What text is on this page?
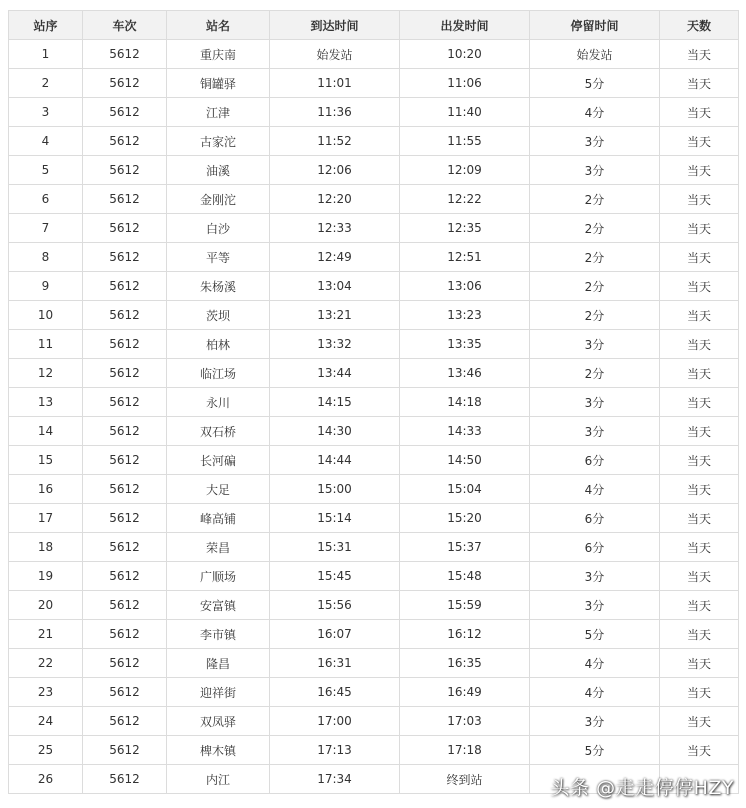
站序	车次	站名	到达时间	出发时间	停留时间	天数
1	5612	重庆南	始发站	10:20	始发站	当天
2	5612	铜罐驿	11:01	11:06	5分	当天
3	5612	江津	11:36	11:40	4分	当天
4	5612	古家沱	11:52	11:55	3分	当天
5	5612	油溪	12:06	12:09	3分	当天
6	5612	金刚沱	12:20	12:22	2分	当天
7	5612	白沙	12:33	12:35	2分	当天
8	5612	平等	12:49	12:51	2分	当天
9	5612	朱杨溪	13:04	13:06	2分	当天
10	5612	茨坝	13:21	13:23	2分	当天
11	5612	柏林	13:32	13:35	3分	当天
12	5612	临江场	13:44	13:46	2分	当天
13	5612	永川	14:15	14:18	3分	当天
14	5612	双石桥	14:30	14:33	3分	当天
15	5612	长河碥	14:44	14:50	6分	当天
16	5612	大足	15:00	15:04	4分	当天
17	5612	峰高铺	15:14	15:20	6分	当天
18	5612	荣昌	15:31	15:37	6分	当天
19	5612	广顺场	15:45	15:48	3分	当天
20	5612	安富镇	15:56	15:59	3分	当天
21	5612	李市镇	16:07	16:12	5分	当天
22	5612	隆昌	16:31	16:35	4分	当天
23	5612	迎祥街	16:45	16:49	4分	当天
24	5612	双凤驿	17:00	17:03	3分	当天
25	5612	椑木镇	17:13	17:18	5分	当天
26	5612	内江	17:34	终到站			头条 @走走停停HZY
